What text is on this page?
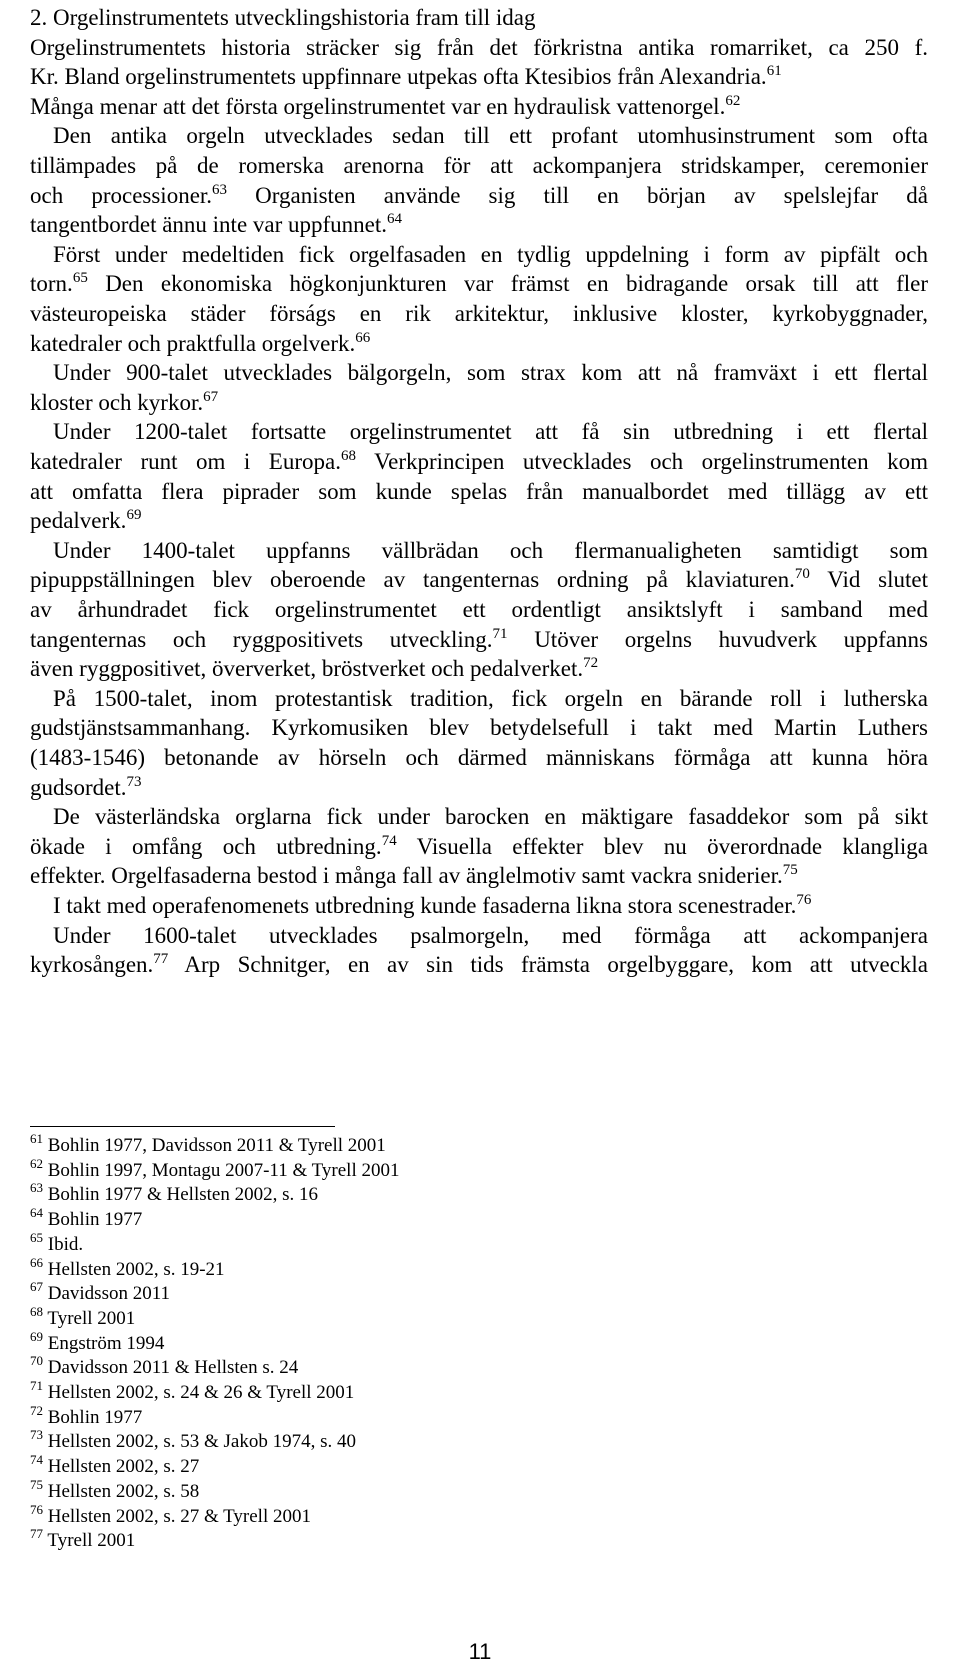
2. Orgelinstrumentets utvecklingshistoria fram till idag
Orgelinstrumentets historia sträcker sig från det förkristna antika romarriket, ca 250 f.
Kr. Bland orgelinstrumentets uppfinnare utpekas ofta Ktesibios från Alexandria.$^{61}$
Många menar att det första orgelinstrumentet var en hydraulisk vattenorgel.$^{62}$
Den antika orgeln utvecklades sedan till ett profant utomhusinstrument som ofta
tillämpades på de romerska arenorna för att ackompanjera stridskamper, ceremonier
och processioner.$^{63}$ Organisten använde sig till en början av spelslejfar då
tangentbordet ännu inte var uppfunnet.$^{64}$
Först under medeltiden fick orgelfasaden en tydlig uppdelning i form av pipfält och
torn.$^{65}$ Den ekonomiska högkonjunkturen var främst en bidragande orsak till att fler
västeuropeiska städer förságs en rik arkitektur, inklusive kloster, kyrkobyggnader,
katedraler och praktfulla orgelverk.$^{66}$
Under 900-talet utvecklades bälgorgeln, som strax kom att nå framväxt i ett flertal
kloster och kyrkor.$^{67}$
Under 1200-talet fortsatte orgelinstrumentet att få sin utbredning i ett flertal
katedraler runt om i Europa.$^{68}$ Verkprincipen utvecklades och orgelinstrumenten kom
att omfatta flera piprader som kunde spelas från manualbordet med tillägg av ett
pedalverk.$^{69}$
Under 1400-talet uppfanns vällbrädan och flermanualigheten samtidigt som
pipuppställningen blev oberoende av tangenternas ordning på klaviaturen.$^{70}$ Vid slutet
av århundradet fick orgelinstrumentet ett ordentligt ansiktslyft i samband med
tangenternas och ryggpositivets utveckling.$^{71}$ Utöver orgelns huvudverk uppfanns
även ryggpositivet, öververket, bröstverket och pedalverket.$^{72}$
På 1500-talet, inom protestantisk tradition, fick orgeln en bärande roll i lutherska
gudstjänstsammanhang. Kyrkomusiken blev betydelsefull i takt med Martin Luthers
(1483-1546) betonande av hörseln och därmed människans förmåga att kunna höra
gudsordet.$^{73}$
De västerländska orglarna fick under barocken en mäktigare fasaddekor som på sikt
ökade i omfång och utbredning.$^{74}$ Visuella effekter blev nu överordnade klangliga
effekter. Orgelfasaderna bestod i många fall av änglelmotiv samt vackra sniderier.$^{75}$
I takt med operafenomenets utbredning kunde fasaderna likna stora scenestrader.$^{76}$
Under 1600-talet utvecklades psalmorgeln, med förmåga att ackompanjera
kyrkosången.$^{77}$ Arp Schnitger, en av sin tids främsta orgelbyggare, kom att utveckla
$^{61}$ Bohlin 1977, Davidsson 2011 & Tyrell 2001
$^{62}$ Bohlin 1997, Montagu 2007-11 & Tyrell 2001
$^{63}$ Bohlin 1977 & Hellsten 2002, s. 16
$^{64}$ Bohlin 1977
$^{65}$ Ibid.
$^{66}$ Hellsten 2002, s. 19-21
$^{67}$ Davidsson 2011
$^{68}$ Tyrell 2001
$^{69}$ Engström 1994
$^{70}$ Davidsson 2011 & Hellsten s. 24
$^{71}$ Hellsten 2002, s. 24 & 26 & Tyrell 2001
$^{72}$ Bohlin 1977
$^{73}$ Hellsten 2002, s. 53 & Jakob 1974, s. 40
$^{74}$ Hellsten 2002, s. 27
$^{75}$ Hellsten 2002, s. 58
$^{76}$ Hellsten 2002, s. 27 & Tyrell 2001
$^{77}$ Tyrell 2001
11
